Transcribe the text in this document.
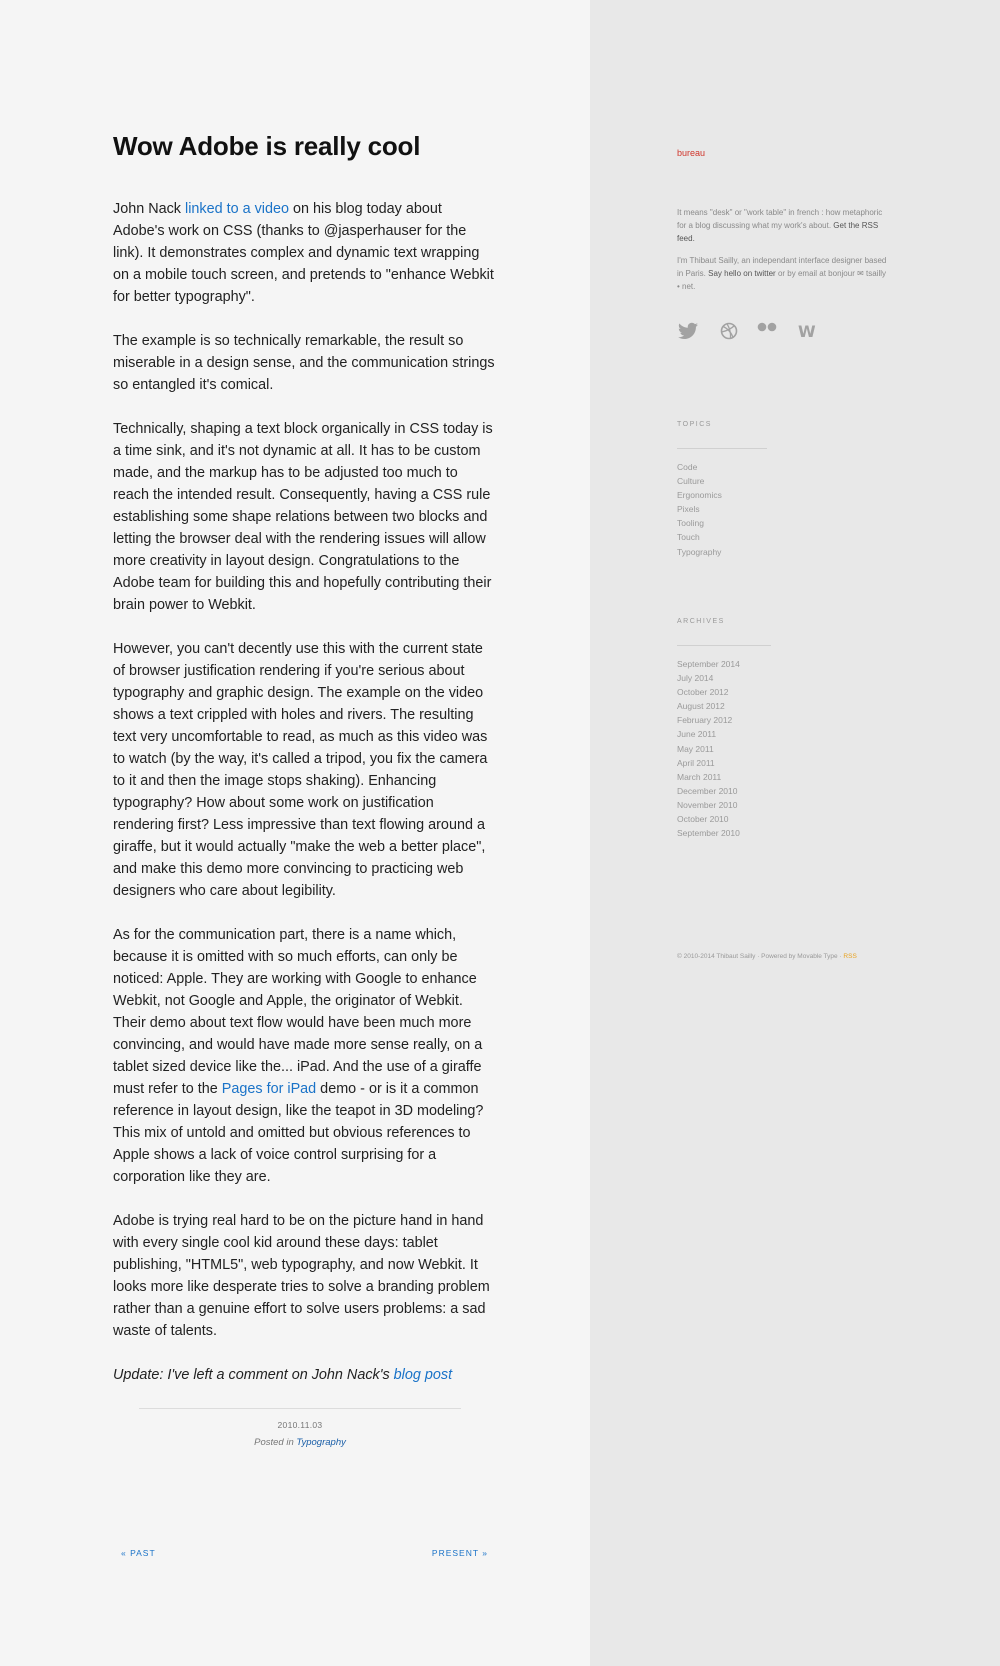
Wow Adobe is really cool

John Nack linked to a video on his blog today about Adobe's work on CSS (thanks to @jasperhauser for the link). It demonstrates complex and dynamic text wrapping on a mobile touch screen, and pretends to "enhance Webkit for better typography".

The example is so technically remarkable, the result so miserable in a design sense, and the communication strings so entangled it's comical.

Technically, shaping a text block organically in CSS today is a time sink, and it's not dynamic at all. It has to be custom made, and the markup has to be adjusted too much to reach the intended result. Consequently, having a CSS rule establishing some shape relations between two blocks and letting the browser deal with the rendering issues will allow more creativity in layout design. Congratulations to the Adobe team for building this and hopefully contributing their brain power to Webkit.

However, you can't decently use this with the current state of browser justification rendering if you're serious about typography and graphic design. The example on the video shows a text crippled with holes and rivers. The resulting text very uncomfortable to read, as much as this video was to watch (by the way, it's called a tripod, you fix the camera to it and then the image stops shaking). Enhancing typography? How about some work on justification rendering first? Less impressive than text flowing around a giraffe, but it would actually "make the web a better place", and make this demo more convincing to practicing web designers who care about legibility.

As for the communication part, there is a name which, because it is omitted with so much efforts, can only be noticed: Apple. They are working with Google to enhance Webkit, not Google and Apple, the originator of Webkit. Their demo about text flow would have been much more convincing, and would have made more sense really, on a tablet sized device like the... iPad. And the use of a giraffe must refer to the Pages for iPad demo - or is it a common reference in layout design, like the teapot in 3D modeling? This mix of untold and omitted but obvious references to Apple shows a lack of voice control surprising for a corporation like they are.

Adobe is trying real hard to be on the picture hand in hand with every single cool kid around these days: tablet publishing, "HTML5", web typography, and now Webkit. It looks more like desperate tries to solve a branding problem rather than a genuine effort to solve users problems: a sad waste of talents.

Update: I've left a comment on John Nack's blog post

2010.11.03
Posted in Typography
« PAST	PRESENT »
bureau

It means "desk" or "work table" in french : how metaphoric for a blog discussing what my work's about. Get the RSS feed.

I'm Thibaut Sailly, an independant interface designer based in Paris. Say hello on twitter or by email at bonjour ✉ tsailly • net.

W
TOPICS
Code
Culture
Ergonomics
Pixels
Tooling
Touch
Typography
ARCHIVES
September 2014
July 2014
October 2012
August 2012
February 2012
June 2011
May 2011
April 2011
March 2011
December 2010
November 2010
October 2010
September 2010
© 2010-2014 Thibaut Sailly · Powered by Movable Type · RSS
